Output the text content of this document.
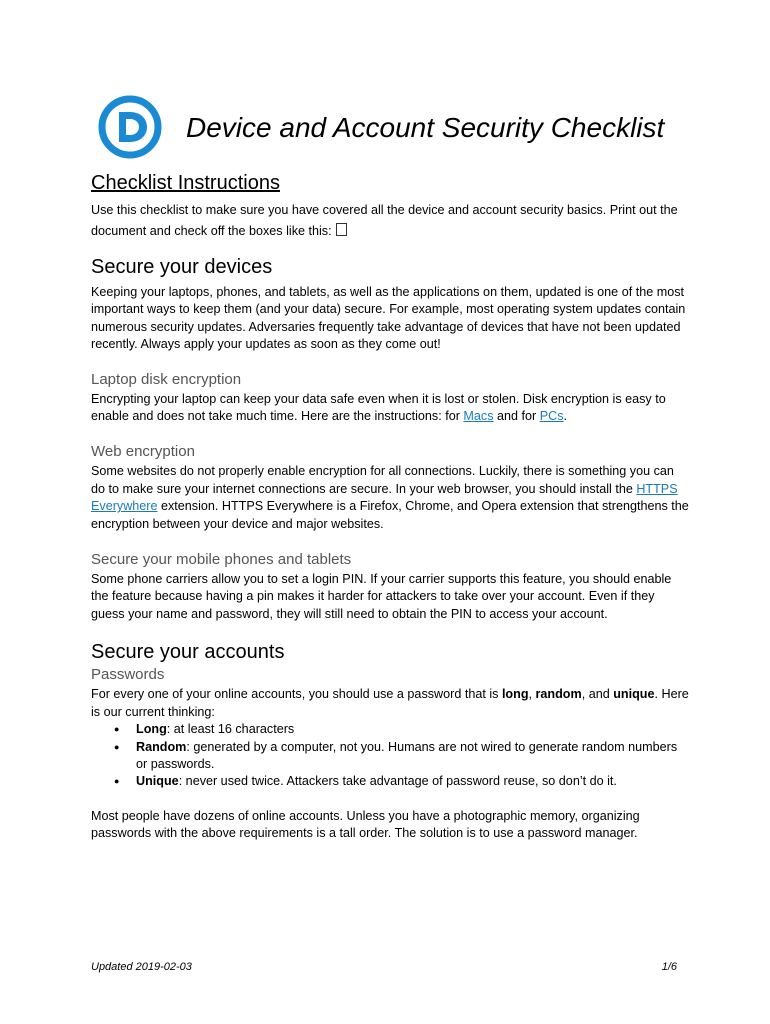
Device and Account Security Checklist
Checklist Instructions

Use this checklist to make sure you have covered all the device and account security basics. Print out the document and check off the boxes like this:

Secure your devices

Keeping your laptops, phones, and tablets, as well as the applications on them, updated is one of the most important ways to keep them (and your data) secure. For example, most operating system updates contain numerous security updates. Adversaries frequently take advantage of devices that have not been updated recently. Always apply your updates as soon as they come out!

Laptop disk encryption

Encrypting your laptop can keep your data safe even when it is lost or stolen. Disk encryption is easy to enable and does not take much time. Here are the instructions: for Macs and for PCs.

Web encryption

Some websites do not properly enable encryption for all connections. Luckily, there is something you can do to make sure your internet connections are secure. In your web browser, you should install the HTTPS Everywhere extension. HTTPS Everywhere is a Firefox, Chrome, and Opera extension that strengthens the encryption between your device and major websites.

Secure your mobile phones and tablets

Some phone carriers allow you to set a login PIN. If your carrier supports this feature, you should enable the feature because having a pin makes it harder for attackers to take over your account. Even if they guess your name and password, they will still need to obtain the PIN to access your account.

Secure your accounts
Passwords

For every one of your online accounts, you should use a password that is long, random, and unique. Here is our current thinking:

● Long: at least 16 characters
● Random: generated by a computer, not you. Humans are not wired to generate random numbers or passwords.
● Unique: never used twice. Attackers take advantage of password reuse, so don’t do it.

Most people have dozens of online accounts. Unless you have a photographic memory, organizing passwords with the above requirements is a tall order. The solution is to use a password manager.

Updated 2019-02-03	1/6
